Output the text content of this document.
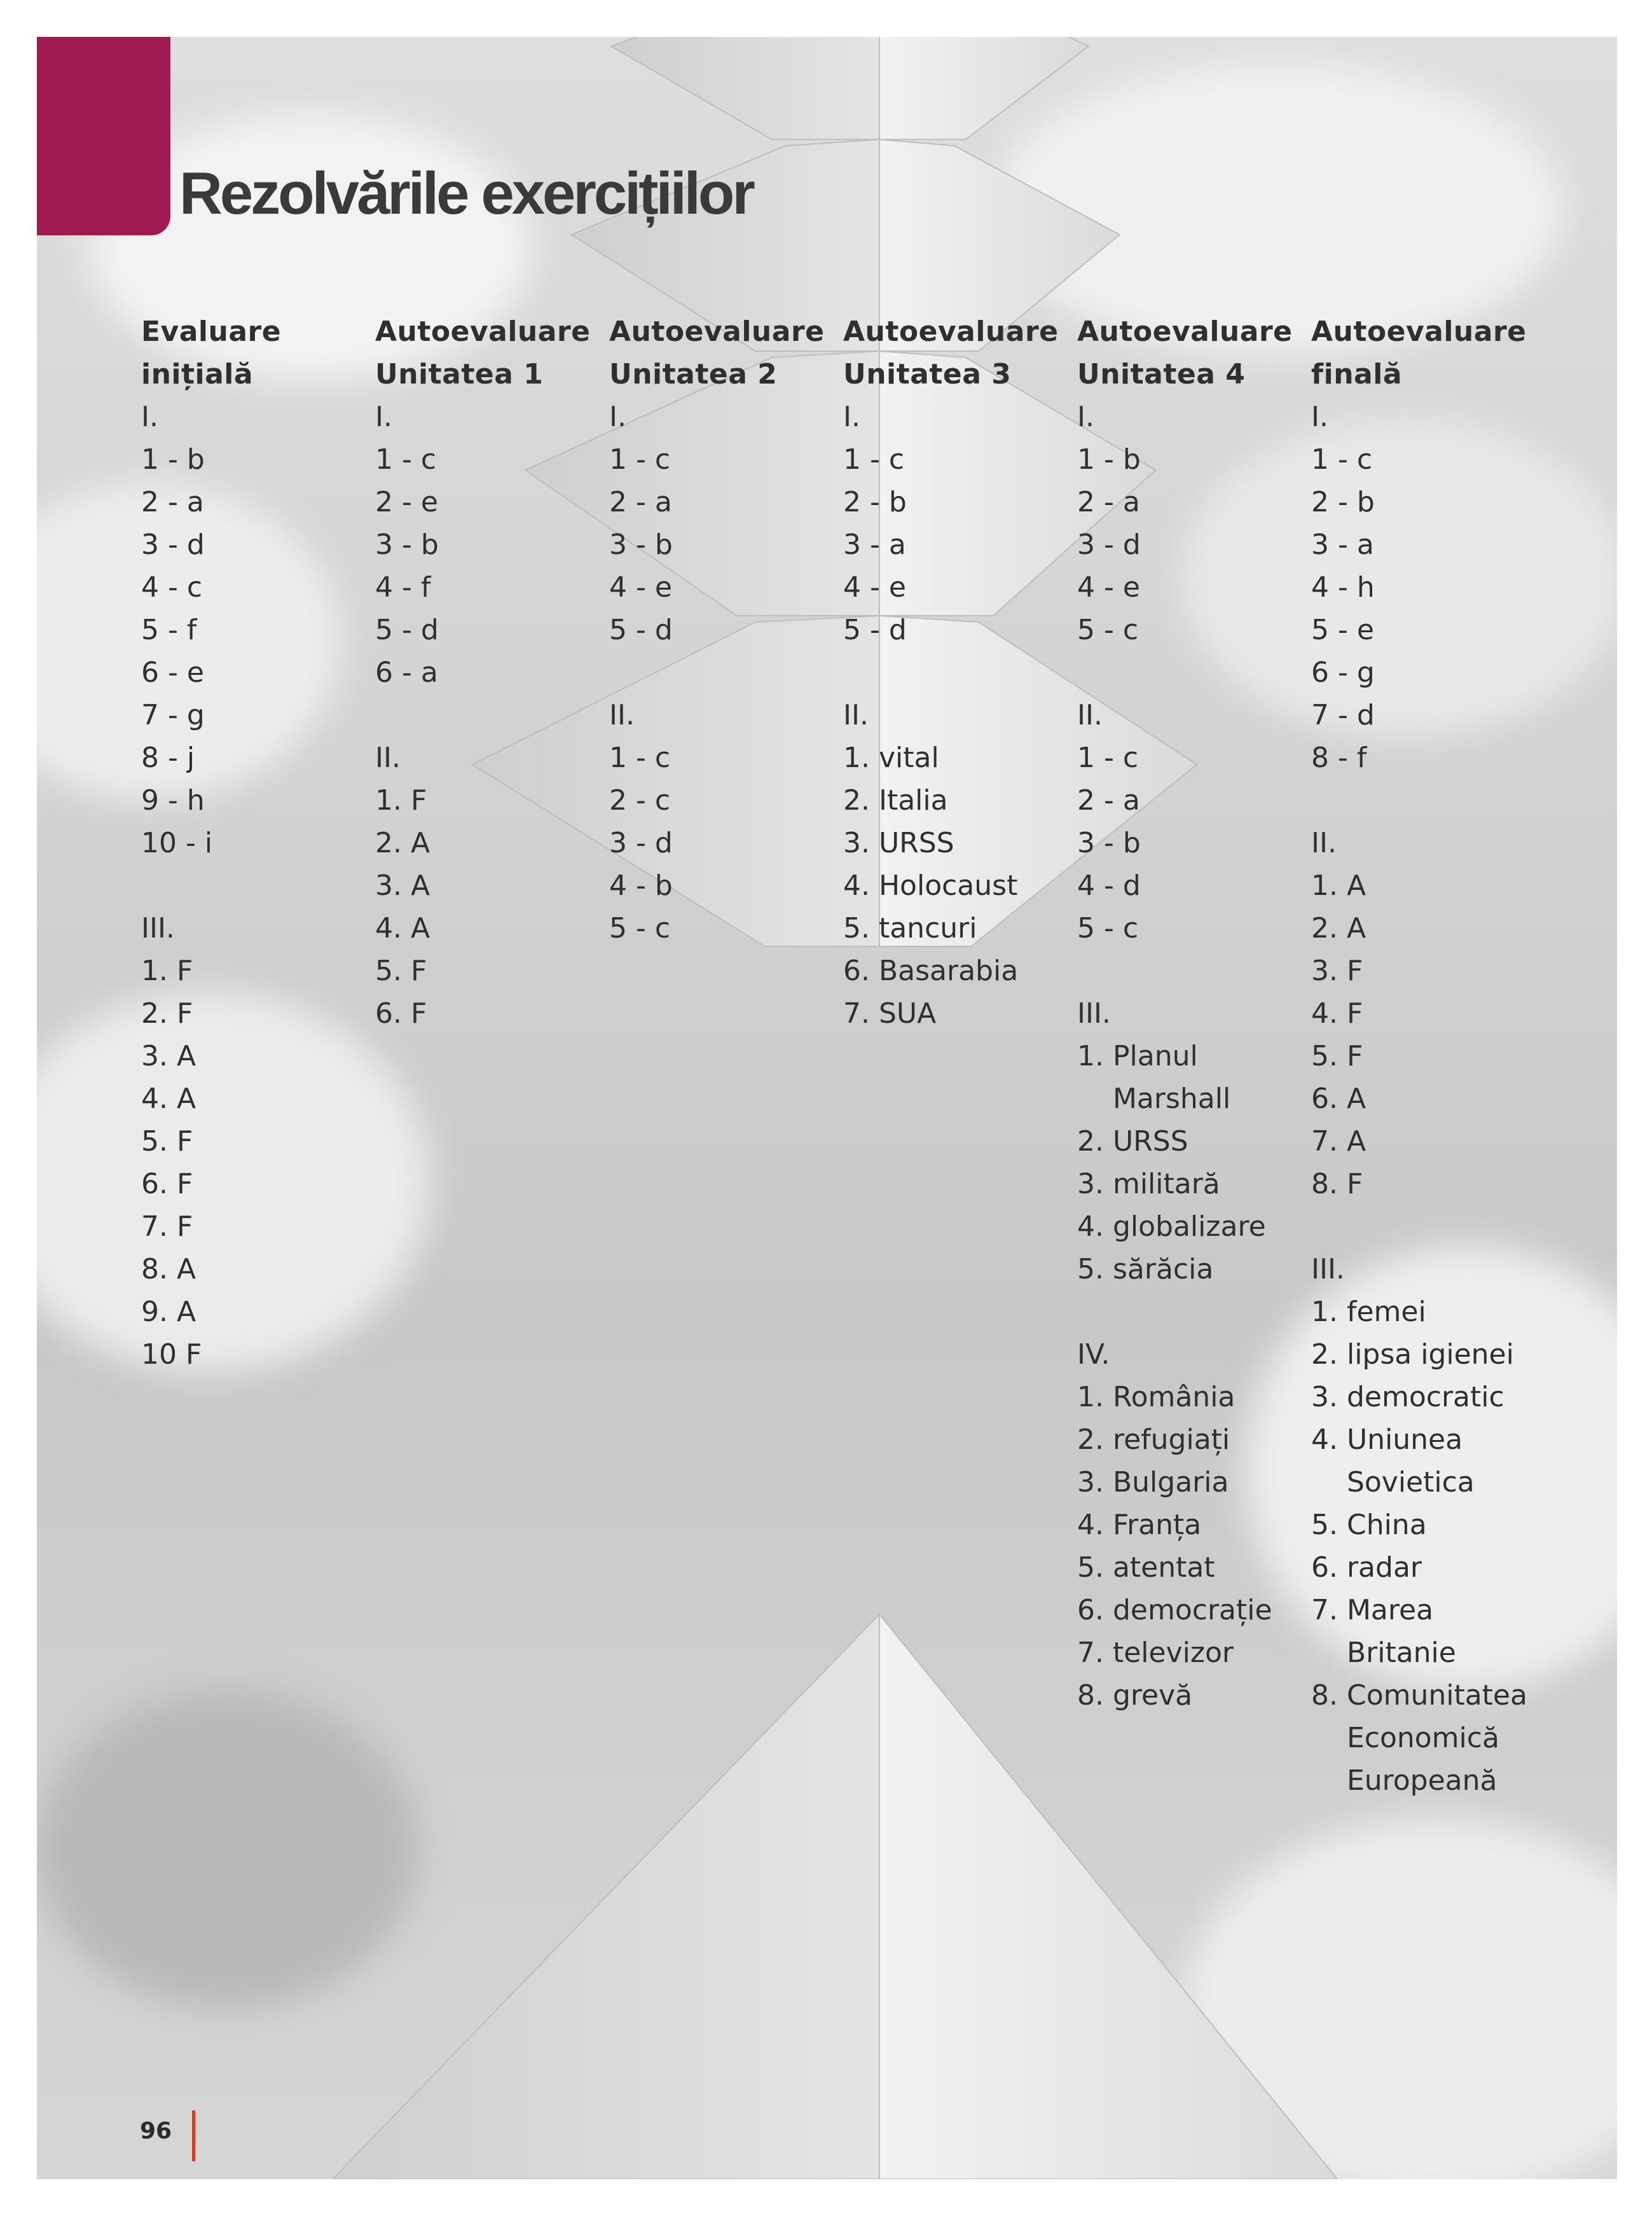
Rezolvările exercițiilor
Evaluare
inițială
I.
1 - b
2 - a
3 - d
4 - c
5 - f
6 - e
7 - g
8 - j
9 - h
10 - i
III.
1. F
2. F
3. A
4. A
5. F
6. F
7. F
8. A
9. A
10 F
Autoevaluare
Unitatea 1
I.
1 - c
2 - e
3 - b
4 - f
5 - d
6 - a
II.
1. F
2. A
3. A
4. A
5. F
6. F
Autoevaluare
Unitatea 2
I.
1 - c
2 - a
3 - b
4 - e
5 - d
II.
1 - c
2 - c
3 - d
4 - b
5 - c
Autoevaluare
Unitatea 3
I.
1 - c
2 - b
3 - a
4 - e
5 - d
II.
1. vital
2. Italia
3. URSS
4. Holocaust
5. tancuri
6. Basarabia
7. SUA
Autoevaluare
Unitatea 4
I.
1 - b
2 - a
3 - d
4 - e
5 - c
II.
1 - c
2 - a
3 - b
4 - d
5 - c
III.
1. Planul
Marshall
2. URSS
3. militară
4. globalizare
5. sărăcia
IV.
1. România
2. refugiați
3. Bulgaria
4. Franța
5. atentat
6. democrație
7. televizor
8. grevă
Autoevaluare
finală
I.
1 - c
2 - b
3 - a
4 - h
5 - e
6 - g
7 - d
8 - f
II.
1. A
2. A
3. F
4. F
5. F
6. A
7. A
8. F
III.
1. femei
2. lipsa igienei
3. democratic
4. Uniunea
Sovietica
5. China
6. radar
7. Marea
Britanie
8. Comunitatea
Economică
Europeană
96
